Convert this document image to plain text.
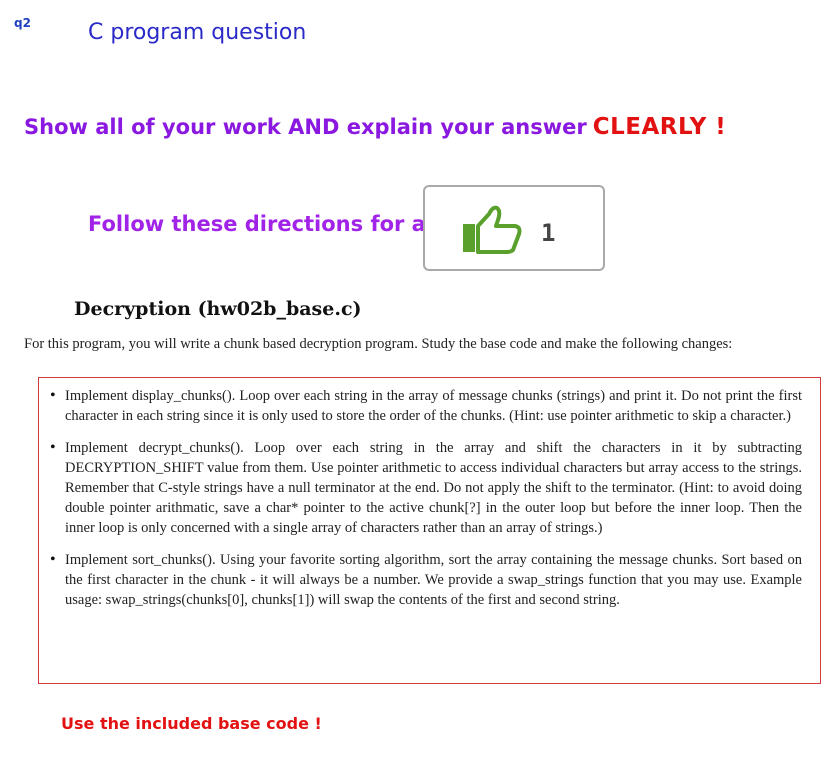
q2	C program question
Show all of your work AND explain your answer CLEARLY !
Follow these directions for a	1
Decryption (hw02b_base.c)
For this program, you will write a chunk based decryption program. Study the base code and make the following changes:
• Implement display_chunks(). Loop over each string in the array of message chunks (strings) and print it. Do not print the first character in each string since it is only used to store the order of the chunks. (Hint: use pointer arithmetic to skip a character.)
• Implement decrypt_chunks(). Loop over each string in the array and shift the characters in it by subtracting DECRYPTION_SHIFT value from them. Use pointer arithmetic to access individual characters but array access to the strings. Remember that C-style strings have a null terminator at the end. Do not apply the shift to the terminator. (Hint: to avoid doing double pointer arithmatic, save a char* pointer to the active chunk[?] in the outer loop but before the inner loop. Then the inner loop is only concerned with a single array of characters rather than an array of strings.)
• Implement sort_chunks(). Using your favorite sorting algorithm, sort the array containing the message chunks. Sort based on the first character in the chunk - it will always be a number. We provide a swap_strings function that you may use. Example usage: swap_strings(chunks[0], chunks[1]) will swap the contents of the first and second string.
Use the included base code !
